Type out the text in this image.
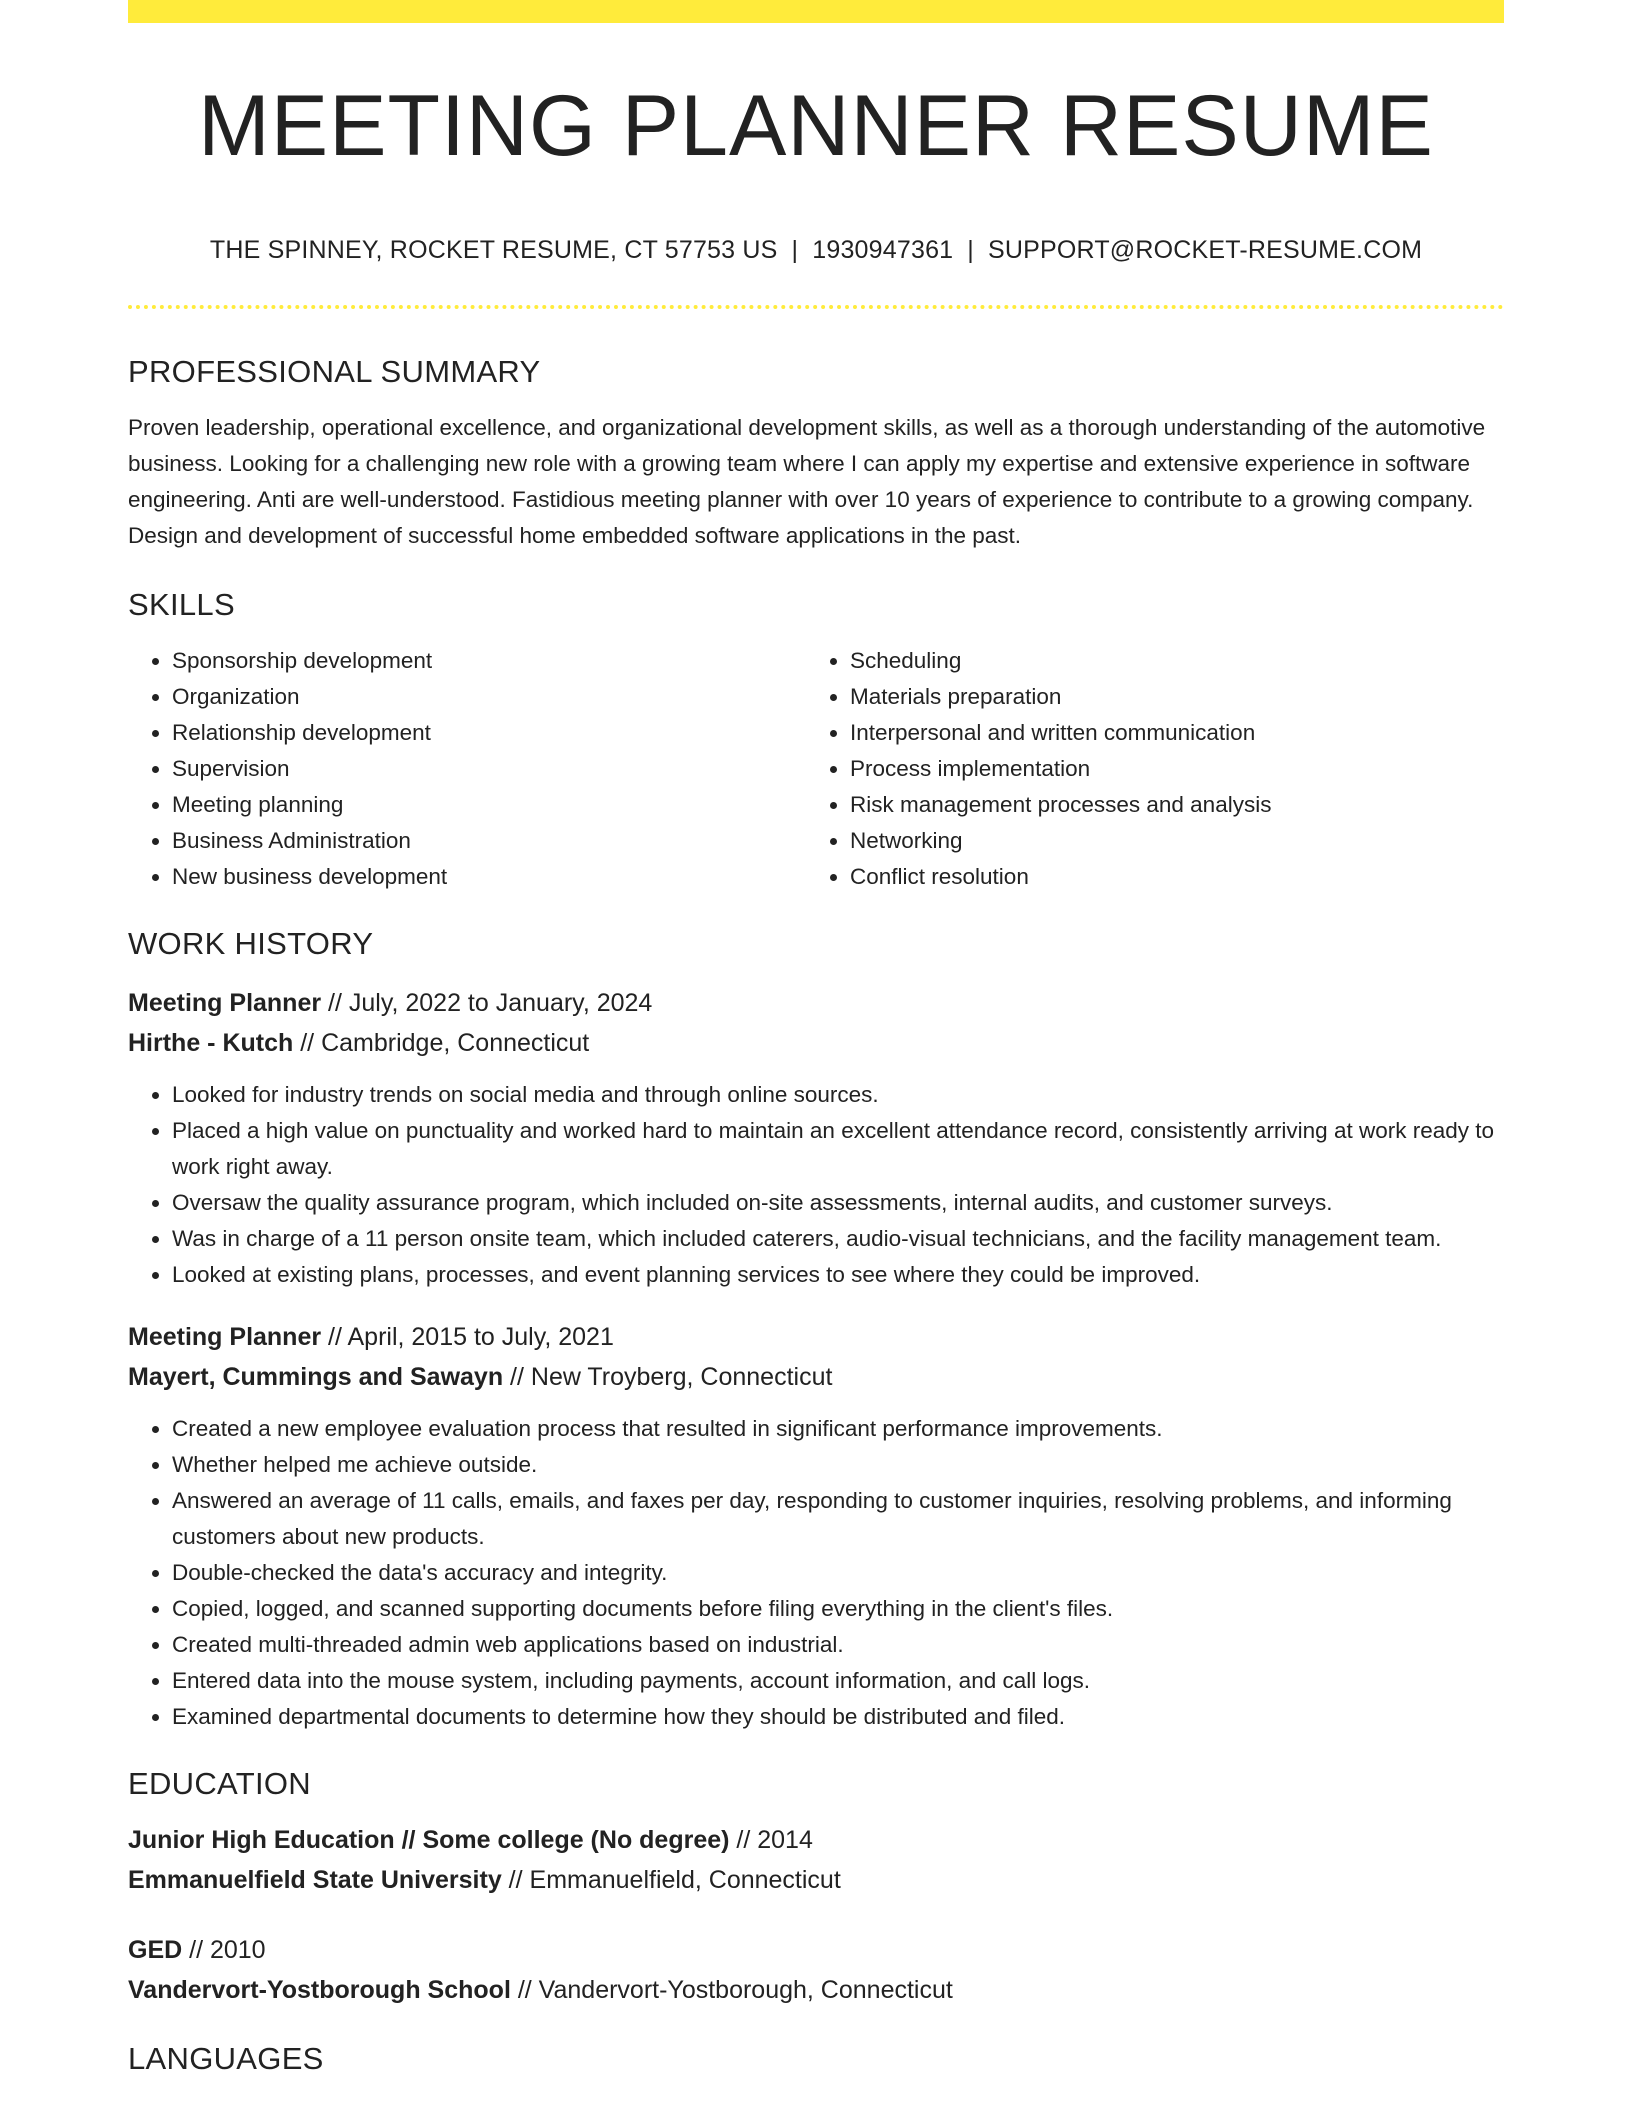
MEETING PLANNER RESUME
THE SPINNEY, ROCKET RESUME, CT 57753 US | 1930947361 | SUPPORT@ROCKET-RESUME.COM
PROFESSIONAL SUMMARY
Proven leadership, operational excellence, and organizational development skills, as well as a thorough understanding of the automotive business. Looking for a challenging new role with a growing team where I can apply my expertise and extensive experience in software engineering. Anti are well-understood. Fastidious meeting planner with over 10 years of experience to contribute to a growing company. Design and development of successful home embedded software applications in the past.
SKILLS
• Sponsorship development
• Organization
• Relationship development
• Supervision
• Meeting planning
• Business Administration
• New business development
• Scheduling
• Materials preparation
• Interpersonal and written communication
• Process implementation
• Risk management processes and analysis
• Networking
• Conflict resolution
WORK HISTORY
Meeting Planner // July, 2022 to January, 2024
Hirthe - Kutch // Cambridge, Connecticut
• Looked for industry trends on social media and through online sources.
• Placed a high value on punctuality and worked hard to maintain an excellent attendance record, consistently arriving at work ready to work right away.
• Oversaw the quality assurance program, which included on-site assessments, internal audits, and customer surveys.
• Was in charge of a 11 person onsite team, which included caterers, audio-visual technicians, and the facility management team.
• Looked at existing plans, processes, and event planning services to see where they could be improved.
Meeting Planner // April, 2015 to July, 2021
Mayert, Cummings and Sawayn // New Troyberg, Connecticut
• Created a new employee evaluation process that resulted in significant performance improvements.
• Whether helped me achieve outside.
• Answered an average of 11 calls, emails, and faxes per day, responding to customer inquiries, resolving problems, and informing customers about new products.
• Double-checked the data's accuracy and integrity.
• Copied, logged, and scanned supporting documents before filing everything in the client's files.
• Created multi-threaded admin web applications based on industrial.
• Entered data into the mouse system, including payments, account information, and call logs.
• Examined departmental documents to determine how they should be distributed and filed.
EDUCATION
Junior High Education // Some college (No degree) // 2014
Emmanuelfield State University // Emmanuelfield, Connecticut
GED // 2010
Vandervort-Yostborough School // Vandervort-Yostborough, Connecticut
LANGUAGES
